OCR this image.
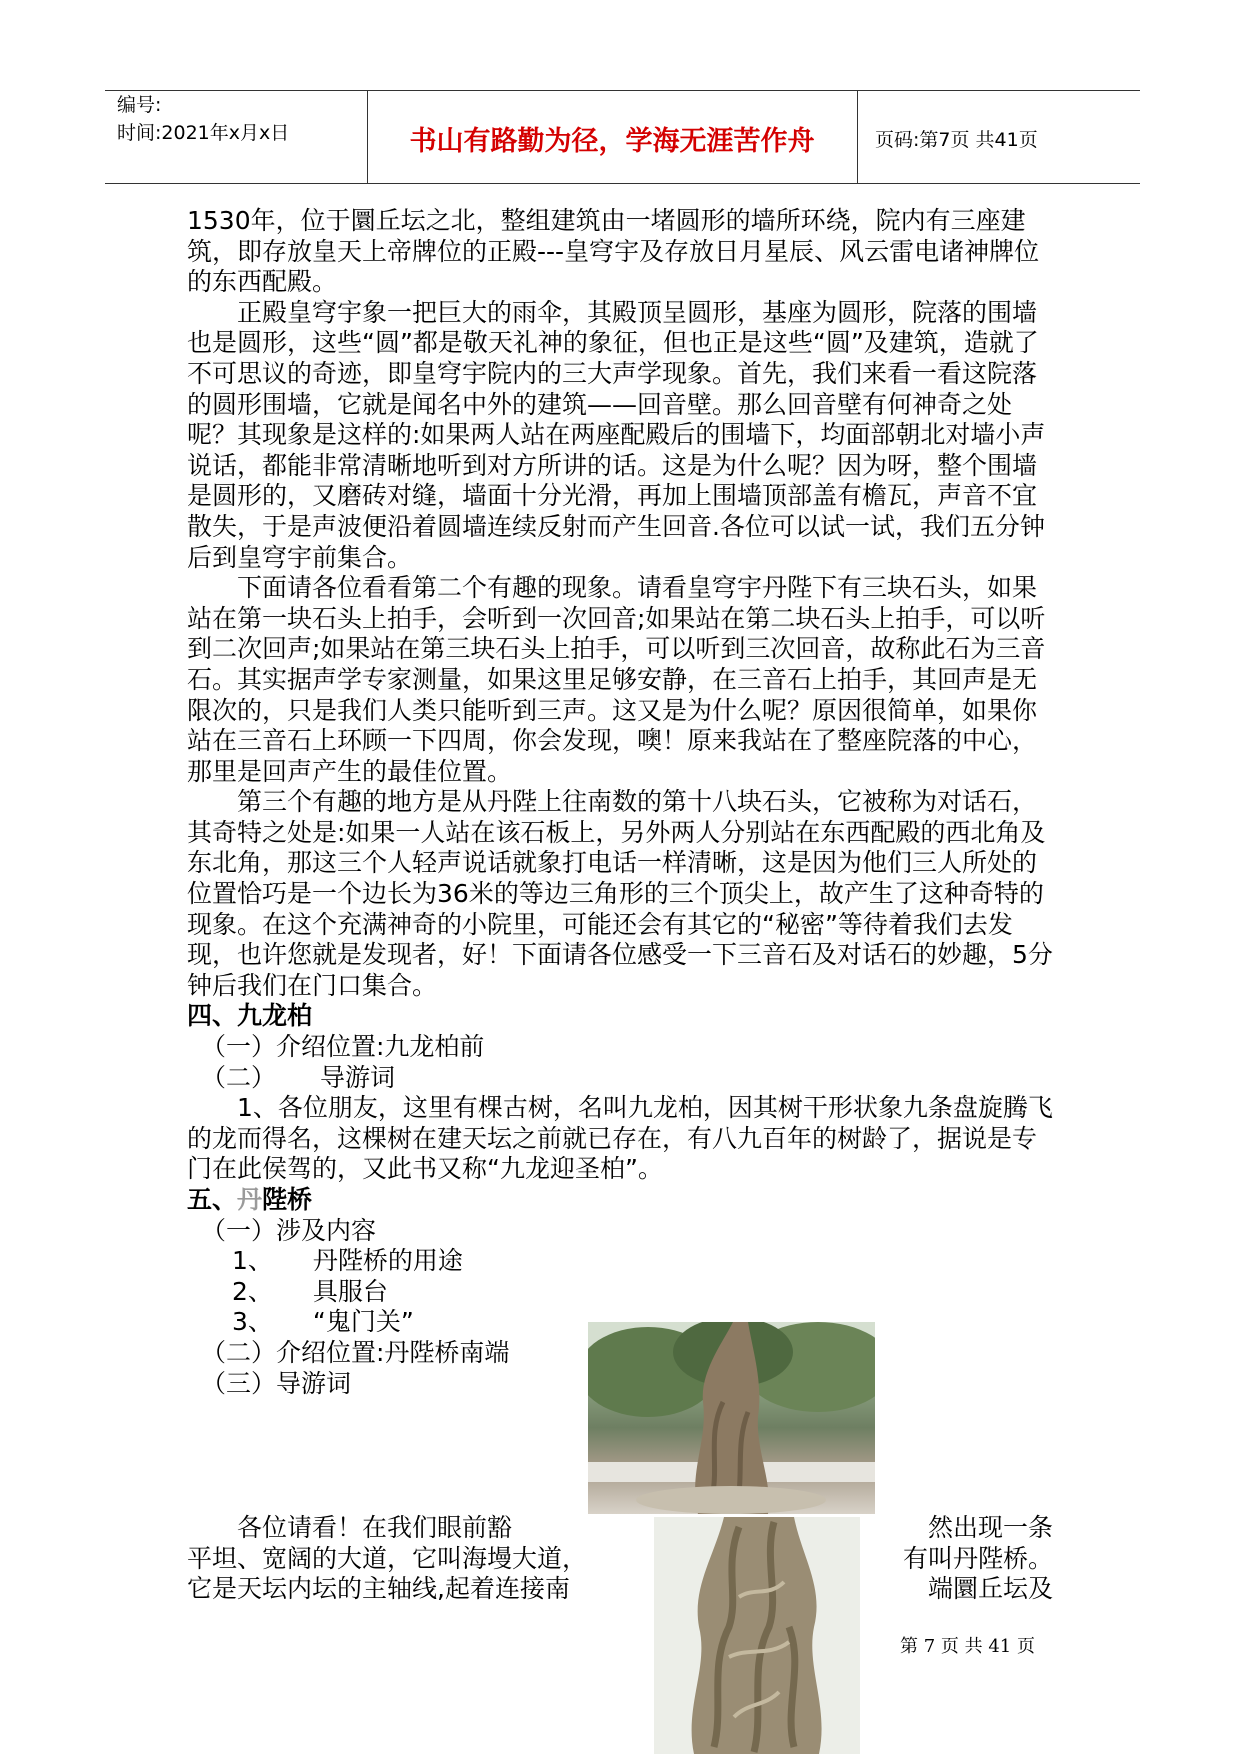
编号:
时间:2021年x月x日	书山有路勤为径，学海无涯苦作舟	页码:第7页 共41页

1530年，位于圜丘坛之北，整组建筑由一堵圆形的墙所环绕，院内有三座建筑，即存放皇天上帝牌位的正殿---皇穹宇及存放日月星辰、风云雷电诸神牌位的东西配殿。

正殿皇穹宇象一把巨大的雨伞，其殿顶呈圆形，基座为圆形，院落的围墙也是圆形，这些“圆”都是敬天礼神的象征，但也正是这些“圆”及建筑，造就了不可思议的奇迹，即皇穹宇院内的三大声学现象。首先，我们来看一看这院落的圆形围墙，它就是闻名中外的建筑——回音壁。那么回音壁有何神奇之处呢？其现象是这样的:如果两人站在两座配殿后的围墙下，均面部朝北对墙小声说话，都能非常清晰地听到对方所讲的话。这是为什么呢？因为呀，整个围墙是圆形的，又磨砖对缝，墙面十分光滑，再加上围墙顶部盖有檐瓦，声音不宜散失，于是声波便沿着圆墙连续反射而产生回音.各位可以试一试，我们五分钟后到皇穹宇前集合。

下面请各位看看第二个有趣的现象。请看皇穹宇丹陛下有三块石头，如果站在第一块石头上拍手，会听到一次回音;如果站在第二块石头上拍手，可以听到二次回声;如果站在第三块石头上拍手，可以听到三次回音，故称此石为三音石。其实据声学专家测量，如果这里足够安静，在三音石上拍手，其回声是无限次的，只是我们人类只能听到三声。这又是为什么呢？原因很简单，如果你站在三音石上环顾一下四周，你会发现，噢！原来我站在了整座院落的中心，那里是回声产生的最佳位置。

第三个有趣的地方是从丹陛上往南数的第十八块石头，它被称为对话石，其奇特之处是:如果一人站在该石板上，另外两人分别站在东西配殿的西北角及东北角，那这三个人轻声说话就象打电话一样清晰，这是因为他们三人所处的位置恰巧是一个边长为36米的等边三角形的三个顶尖上，故产生了这种奇特的现象。在这个充满神奇的小院里，可能还会有其它的“秘密”等待着我们去发现，也许您就是发现者，好！下面请各位感受一下三音石及对话石的妙趣，5分钟后我们在门口集合。

四、九龙柏

（一）介绍位置:九龙柏前

（二） 导游词

1、各位朋友，这里有棵古树，名叫九龙柏，因其树干形状象九条盘旋腾飞的龙而得名，这棵树在建天坛之前就已存在，有八九百年的树龄了，据说是专门在此侯驾的，又此书又称“九龙迎圣柏”。

五、丹陛桥

（一）涉及内容

1、 丹陛桥的用途

2、 具服台

3、 “鬼门关”

（二）介绍位置:丹陛桥南端

（三）导游词

各位请看！在我们眼前豁	然出现一条
平坦、宽阔的大道，它叫海墁大道，	有叫丹陛桥。
它是天坛内坛的主轴线,起着连接南	端圜丘坛及
第 7 页 共 41 页
